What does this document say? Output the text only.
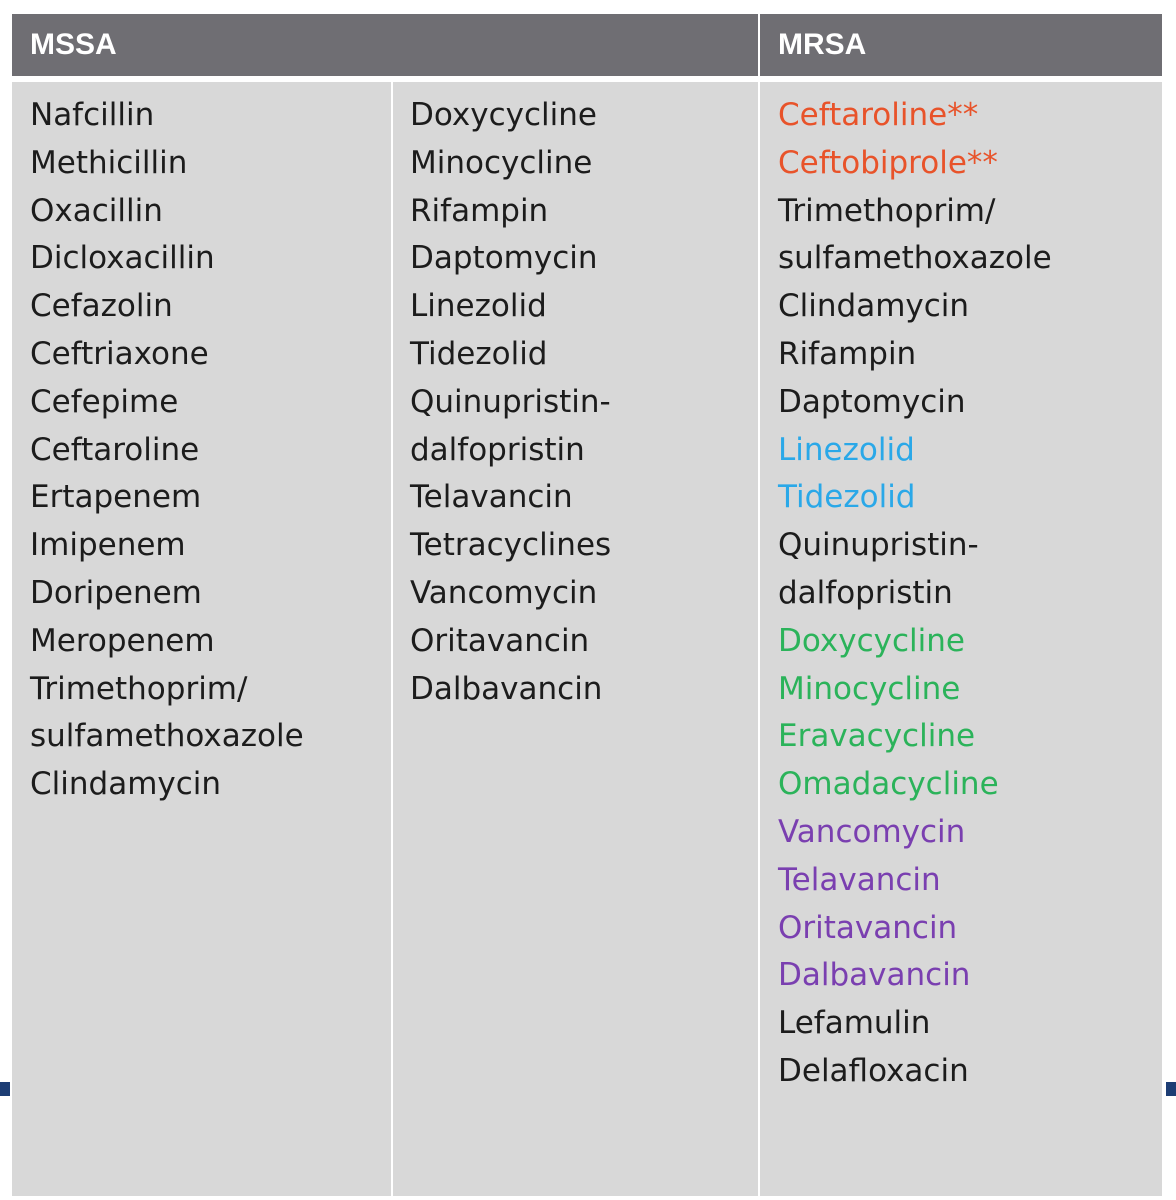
MSSA	MRSA
Nafcillin
Methicillin
Oxacillin
Dicloxacillin
Cefazolin
Ceftriaxone
Cefepime
Ceftaroline
Ertapenem
Imipenem
Doripenem
Meropenem
Trimethoprim/
sulfamethoxazole
Clindamycin
Doxycycline
Minocycline
Rifampin
Daptomycin
Linezolid
Tidezolid
Quinupristin-
dalfopristin
Telavancin
Tetracyclines
Vancomycin
Oritavancin
Dalbavancin
Ceftaroline**
Ceftobiprole**
Trimethoprim/
sulfamethoxazole
Clindamycin
Rifampin
Daptomycin
Linezolid
Tidezolid
Quinupristin-
dalfopristin
Doxycycline
Minocycline
Eravacycline
Omadacycline
Vancomycin
Telavancin
Oritavancin
Dalbavancin
Lefamulin
Delafloxacin
